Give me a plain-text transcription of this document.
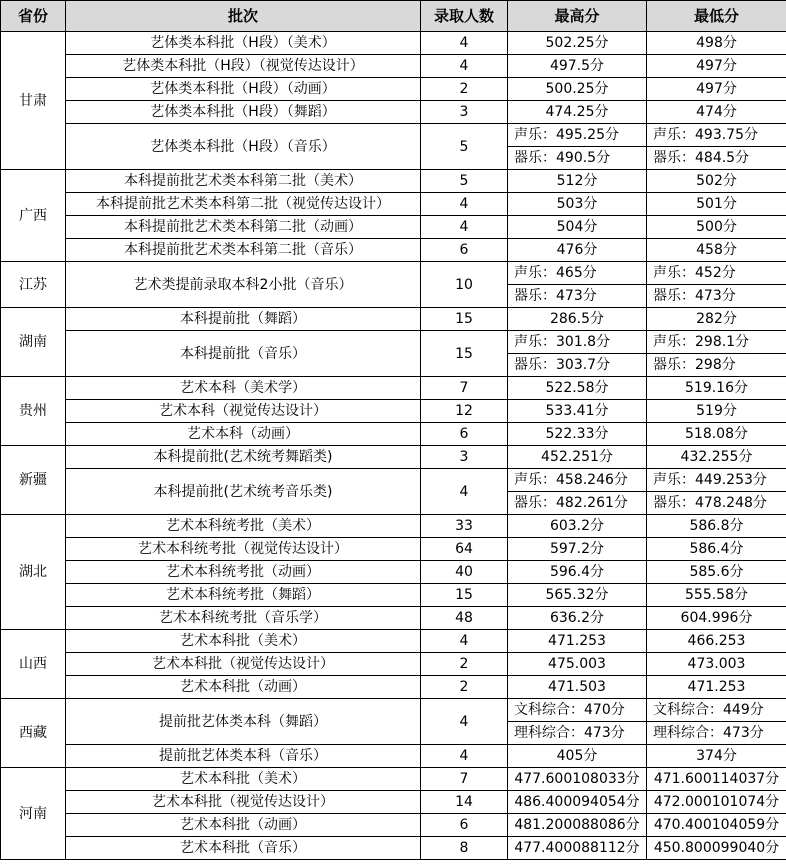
省份	批次	录取人数	最高分	最低分
甘肃	艺体类本科批（H段）（美术）	4	502.25分	498分
	艺体类本科批（H段）（视觉传达设计）	4	497.5分	497分
	艺体类本科批（H段）（动画）	2	500.25分	497分
	艺体类本科批（H段）（舞蹈）	3	474.25分	474分
	艺体类本科批（H段）（音乐）	5	声乐：495.25分	声乐：493.75分
			器乐：490.5分	器乐：484.5分
广西	本科提前批艺术类本科第二批（美术）	5	512分	502分
	本科提前批艺术类本科第二批（视觉传达设计）	4	503分	501分
	本科提前批艺术类本科第二批（动画）	4	504分	500分
	本科提前批艺术类本科第二批（音乐）	6	476分	458分
江苏	艺术类提前录取本科2小批（音乐）	10	声乐：465分	声乐：452分
			器乐：473分	器乐：473分
湖南	本科提前批（舞蹈）	15	286.5分	282分
	本科提前批（音乐）	15	声乐：301.8分	声乐：298.1分
			器乐：303.7分	器乐：298分
贵州	艺术本科（美术学）	7	522.58分	519.16分
	艺术本科（视觉传达设计）	12	533.41分	519分
	艺术本科（动画）	6	522.33分	518.08分
新疆	本科提前批(艺术统考舞蹈类)	3	452.251分	432.255分
	本科提前批(艺术统考音乐类)	4	声乐：458.246分	声乐：449.253分
			器乐：482.261分	器乐：478.248分
湖北	艺术本科统考批（美术）	33	603.2分	586.8分
	艺术本科统考批（视觉传达设计）	64	597.2分	586.4分
	艺术本科统考批（动画）	40	596.4分	585.6分
	艺术本科统考批（舞蹈）	15	565.32分	555.58分
	艺术本科统考批（音乐学）	48	636.2分	604.996分
山西	艺术本科批（美术）	4	471.253	466.253
	艺术本科批（视觉传达设计）	2	475.003	473.003
	艺术本科批（动画）	2	471.503	471.253
西藏	提前批艺体类本科（舞蹈）	4	文科综合：470分	文科综合：449分
			理科综合：473分	理科综合：473分
	提前批艺体类本科（音乐）	4	405分	374分
河南	艺术本科批（美术）	7	477.600108033分	471.600114037分
	艺术本科批（视觉传达设计）	14	486.400094054分	472.000101074分
	艺术本科批（动画）	6	481.200088086分	470.400104059分
	艺术本科批（音乐）	8	477.400088112分	450.800099040分
